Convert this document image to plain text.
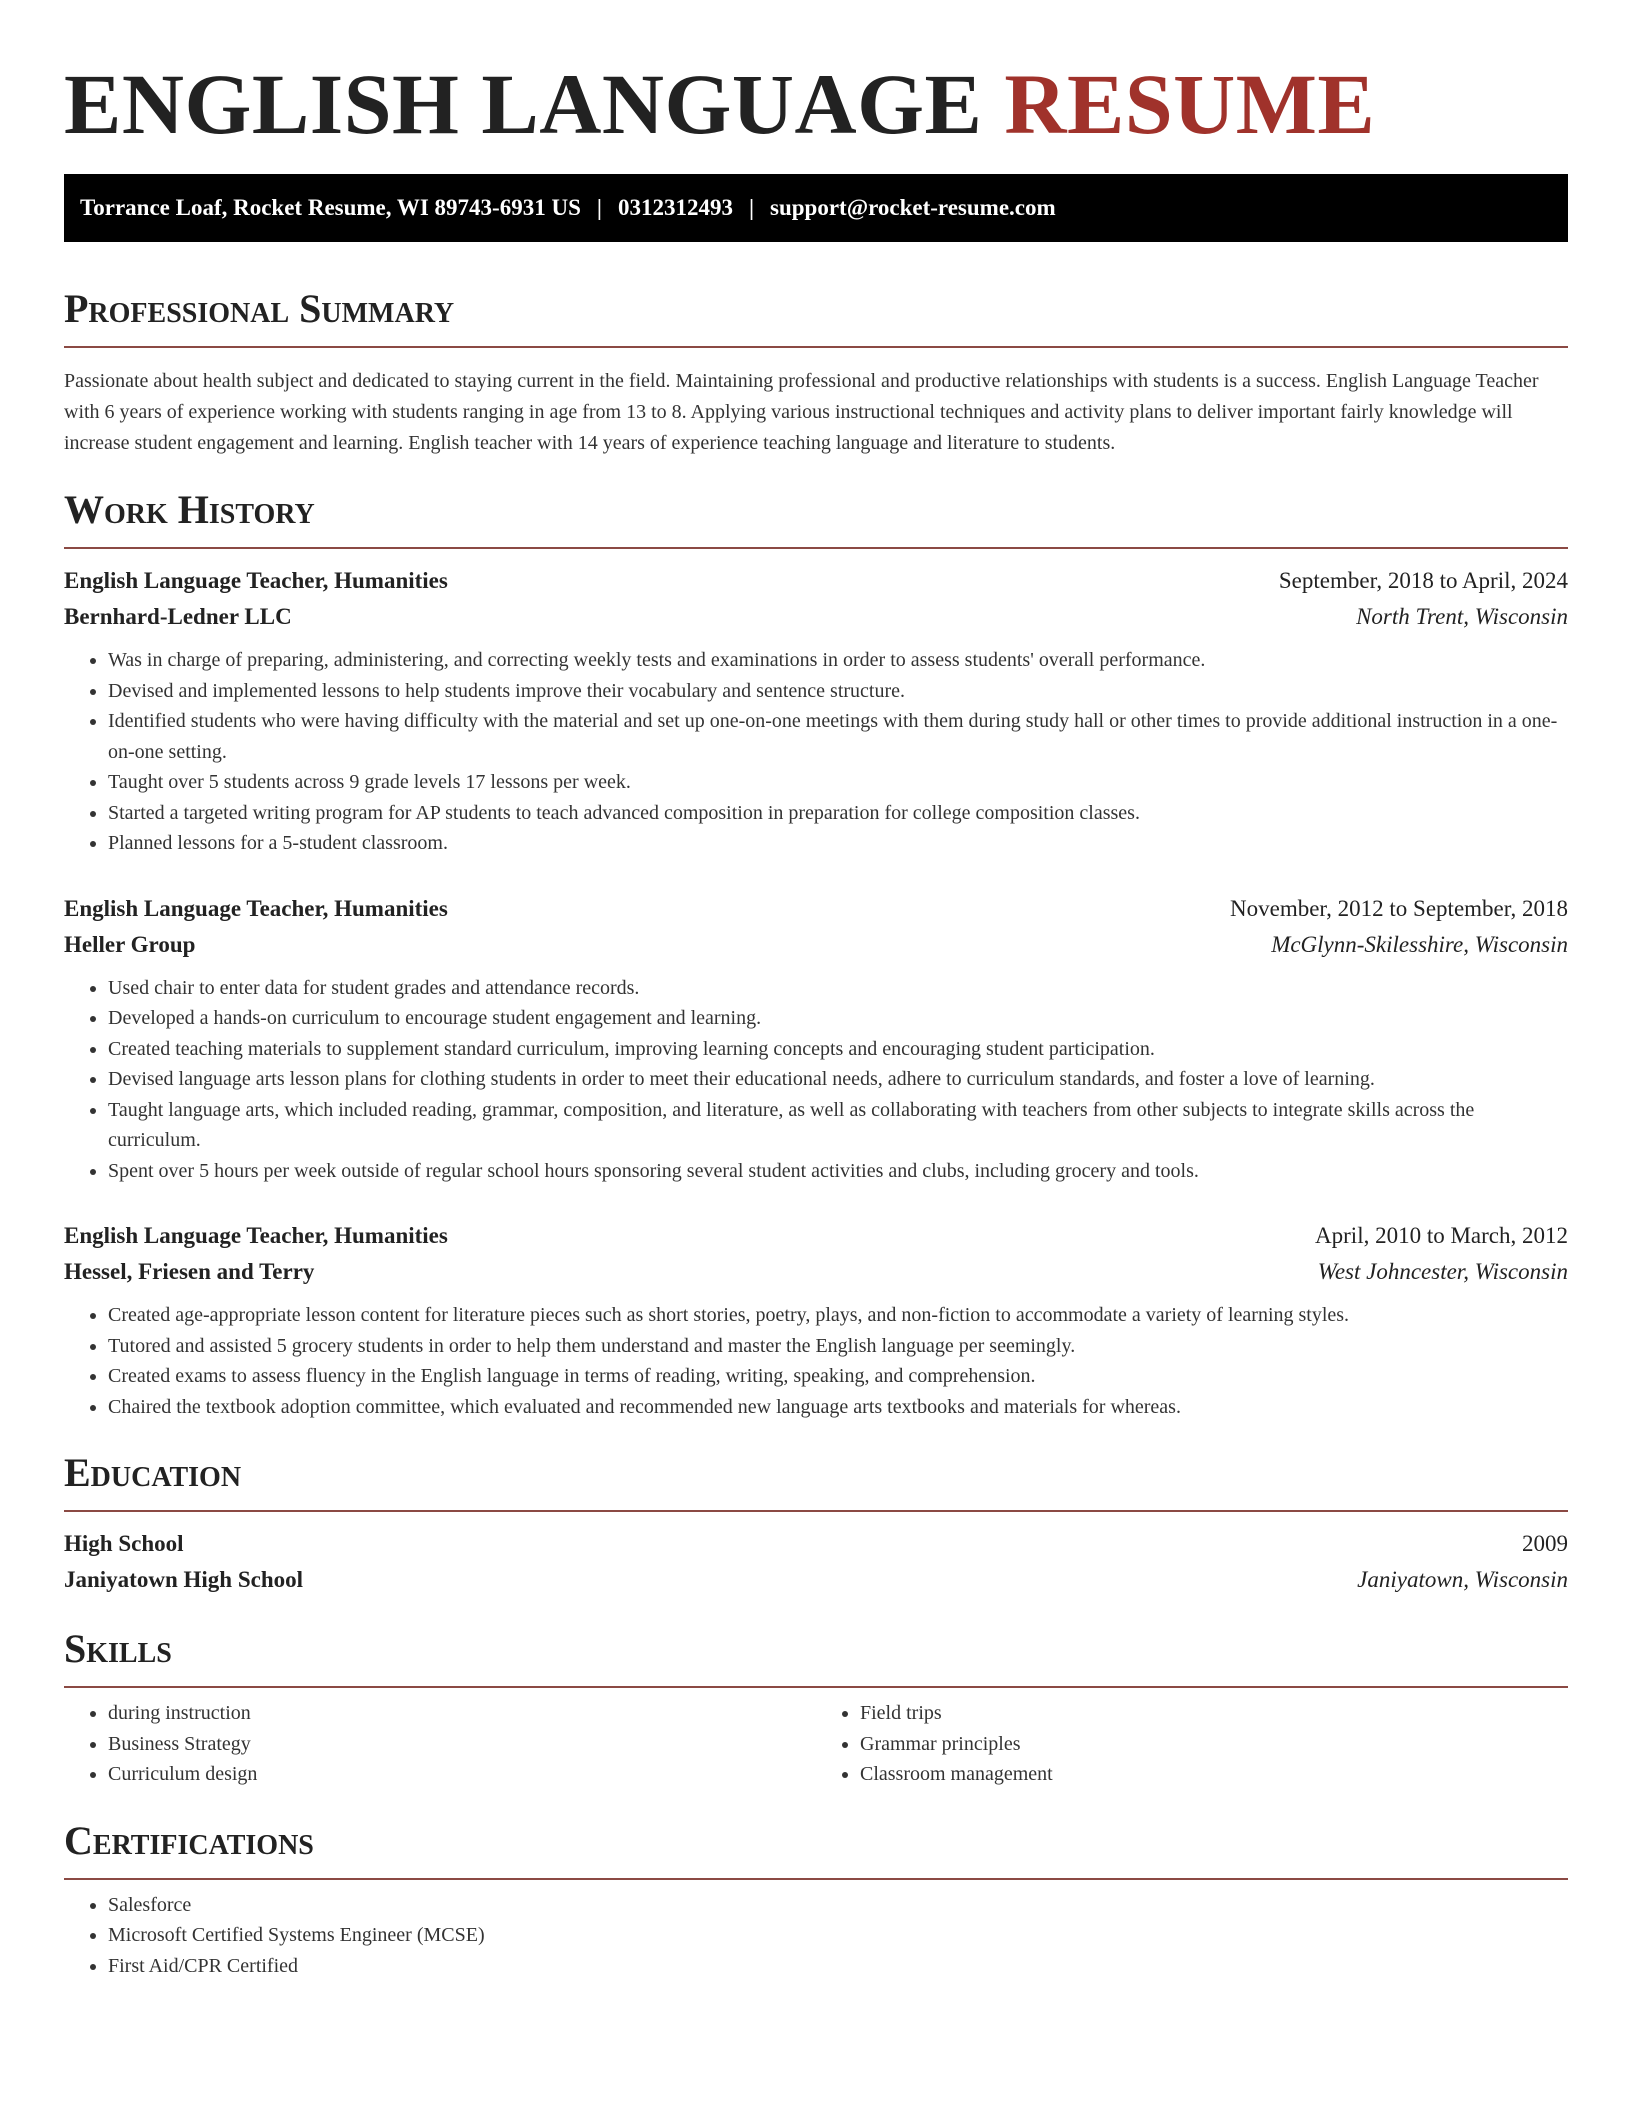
ENGLISH LANGUAGE RESUME
Torrance Loaf, Rocket Resume, WI 89743-6931 US | 0312312493 | support@rocket-resume.com
Professional Summary

Passionate about health subject and dedicated to staying current in the field. Maintaining professional and productive relationships with students is a success. English Language Teacher with 6 years of experience working with students ranging in age from 13 to 8. Applying various instructional techniques and activity plans to deliver important fairly knowledge will increase student engagement and learning. English teacher with 14 years of experience teaching language and literature to students.

Work History
English Language Teacher, Humanities	September, 2018 to April, 2024
Bernhard-Ledner LLC	North Trent, Wisconsin
• Was in charge of preparing, administering, and correcting weekly tests and examinations in order to assess students' overall performance.
• Devised and implemented lessons to help students improve their vocabulary and sentence structure.
• Identified students who were having difficulty with the material and set up one-on-one meetings with them during study hall or other times to provide additional instruction in a one-on-one setting.
• Taught over 5 students across 9 grade levels 17 lessons per week.
• Started a targeted writing program for AP students to teach advanced composition in preparation for college composition classes.
• Planned lessons for a 5-student classroom.
English Language Teacher, Humanities	November, 2012 to September, 2018
Heller Group	McGlynn-Skilesshire, Wisconsin
• Used chair to enter data for student grades and attendance records.
• Developed a hands-on curriculum to encourage student engagement and learning.
• Created teaching materials to supplement standard curriculum, improving learning concepts and encouraging student participation.
• Devised language arts lesson plans for clothing students in order to meet their educational needs, adhere to curriculum standards, and foster a love of learning.
• Taught language arts, which included reading, grammar, composition, and literature, as well as collaborating with teachers from other subjects to integrate skills across the curriculum.
• Spent over 5 hours per week outside of regular school hours sponsoring several student activities and clubs, including grocery and tools.
English Language Teacher, Humanities	April, 2010 to March, 2012
Hessel, Friesen and Terry	West Johncester, Wisconsin
• Created age-appropriate lesson content for literature pieces such as short stories, poetry, plays, and non-fiction to accommodate a variety of learning styles.
• Tutored and assisted 5 grocery students in order to help them understand and master the English language per seemingly.
• Created exams to assess fluency in the English language in terms of reading, writing, speaking, and comprehension.
• Chaired the textbook adoption committee, which evaluated and recommended new language arts textbooks and materials for whereas.
Education
High School	2009
Janiyatown High School	Janiyatown, Wisconsin
Skills
• during instruction
• Business Strategy
• Curriculum design
• Field trips
• Grammar principles
• Classroom management
Certifications
• Salesforce
• Microsoft Certified Systems Engineer (MCSE)
• First Aid/CPR Certified
